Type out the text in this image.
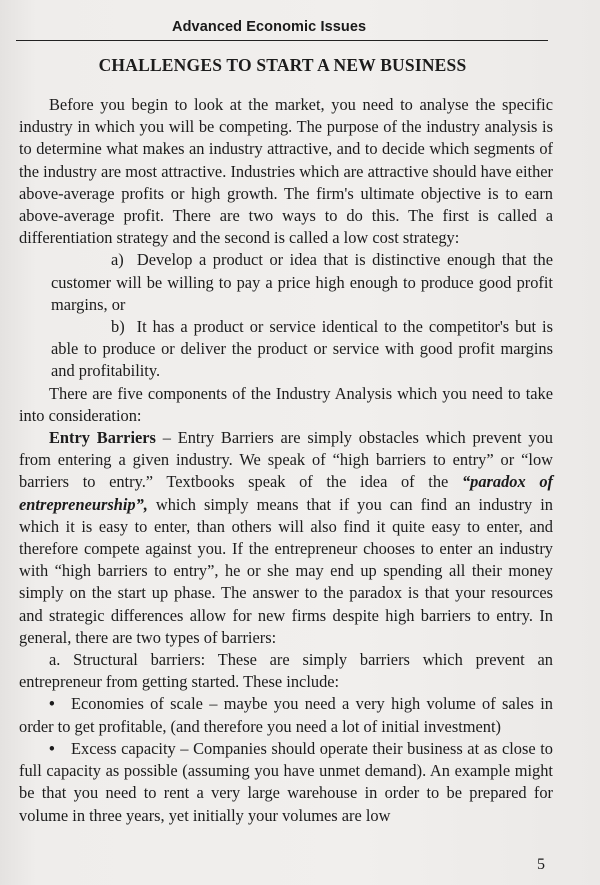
Advanced Economic Issues
CHALLENGES TO START A NEW BUSINESS

Before you begin to look at the market, you need to analyse the specific industry in which you will be competing. The purpose of the industry analysis is to determine what makes an industry attractive, and to decide which segments of the industry are most attractive. Industries which are attractive should have either above-average profits or high growth. The firm's ultimate objective is to earn above-average profit. There are two ways to do this. The first is called a differentiation strategy and the second is called a low cost strategy:

a) Develop a product or idea that is distinctive enough that the customer will be willing to pay a price high enough to produce good profit margins, or

b) It has a product or service identical to the competitor's but is able to produce or deliver the product or service with good profit margins and profitability.

There are five components of the Industry Analysis which you need to take into consideration:

Entry Barriers – Entry Barriers are simply obstacles which prevent you from entering a given industry. We speak of “high barriers to entry” or “low barriers to entry.” Textbooks speak of the idea of the “paradox of entrepreneurship”, which simply means that if you can find an industry in which it is easy to enter, than others will also find it quite easy to enter, and therefore compete against you. If the entrepreneur chooses to enter an industry with “high barriers to entry”, he or she may end up spending all their money simply on the start up phase. The answer to the paradox is that your resources and strategic differences allow for new firms despite high barriers to entry. In general, there are two types of barriers:

a. Structural barriers: These are simply barriers which prevent an entrepreneur from getting started. These include:

• Economies of scale – maybe you need a very high volume of sales in order to get profitable, (and therefore you need a lot of initial investment)

• Excess capacity – Companies should operate their business at as close to full capacity as possible (assuming you have unmet demand). An example might be that you need to rent a very large warehouse in order to be prepared for volume in three years, yet initially your volumes are low

5
